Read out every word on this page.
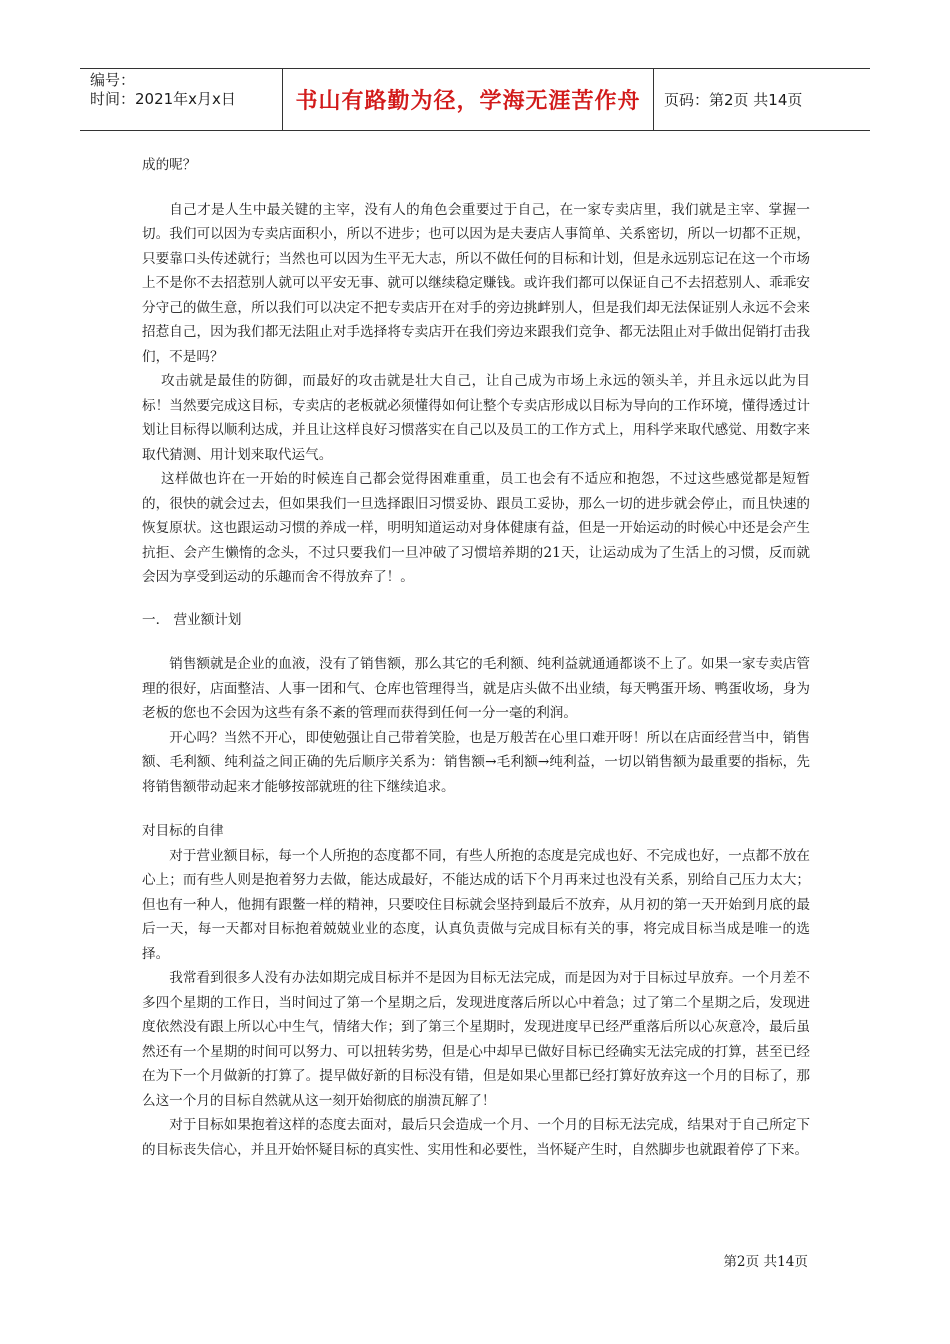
编号：
时间：2021年x月x日	书山有路勤为径，学海无涯苦作舟	页码：第2页 共14页

成的呢？

自己才是人生中最关键的主宰，没有人的角色会重要过于自己，在一家专卖店里，我们就是主宰、掌握一切。我们可以因为专卖店面积小，所以不进步；也可以因为是夫妻店人事简单、关系密切，所以一切都不正规，只要靠口头传述就行；当然也可以因为生平无大志，所以不做任何的目标和计划，但是永远别忘记在这一个市场上不是你不去招惹别人就可以平安无事、就可以继续稳定赚钱。或许我们都可以保证自己不去招惹别人、乖乖安分守己的做生意，所以我们可以决定不把专卖店开在对手的旁边挑衅别人，但是我们却无法保证别人永远不会来招惹自己，因为我们都无法阻止对手选择将专卖店开在我们旁边来跟我们竞争、都无法阻止对手做出促销打击我们，不是吗？

攻击就是最佳的防御，而最好的攻击就是壮大自己，让自己成为市场上永远的领头羊，并且永远以此为目标！当然要完成这目标，专卖店的老板就必须懂得如何让整个专卖店形成以目标为导向的工作环境，懂得透过计划让目标得以顺利达成，并且让这样良好习惯落实在自己以及员工的工作方式上，用科学来取代感觉、用数字来取代猜测、用计划来取代运气。

这样做也许在一开始的时候连自己都会觉得困难重重，员工也会有不适应和抱怨，不过这些感觉都是短暂的，很快的就会过去，但如果我们一旦选择跟旧习惯妥协、跟员工妥协，那么一切的进步就会停止，而且快速的恢复原状。这也跟运动习惯的养成一样，明明知道运动对身体健康有益，但是一开始运动的时候心中还是会产生抗拒、会产生懒惰的念头，不过只要我们一旦冲破了习惯培养期的21天，让运动成为了生活上的习惯，反而就会因为享受到运动的乐趣而舍不得放弃了！。

一． 营业额计划

销售额就是企业的血液，没有了销售额，那么其它的毛利额、纯利益就通通都谈不上了。如果一家专卖店管理的很好，店面整洁、人事一团和气、仓库也管理得当，就是店头做不出业绩，每天鸭蛋开场、鸭蛋收场，身为老板的您也不会因为这些有条不紊的管理而获得到任何一分一毫的利润。

开心吗？当然不开心，即使勉强让自己带着笑脸，也是万般苦在心里口难开呀！所以在店面经营当中，销售额、毛利额、纯利益之间正确的先后顺序关系为：销售额→毛利额→纯利益，一切以销售额为最重要的指标，先将销售额带动起来才能够按部就班的往下继续追求。

对目标的自律

对于营业额目标，每一个人所抱的态度都不同，有些人所抱的态度是完成也好、不完成也好，一点都不放在心上；而有些人则是抱着努力去做，能达成最好，不能达成的话下个月再来过也没有关系，别给自己压力太大；但也有一种人，他拥有跟鳖一样的精神，只要咬住目标就会坚持到最后不放弃，从月初的第一天开始到月底的最后一天，每一天都对目标抱着兢兢业业的态度，认真负责做与完成目标有关的事，将完成目标当成是唯一的选择。

我常看到很多人没有办法如期完成目标并不是因为目标无法完成，而是因为对于目标过早放弃。一个月差不多四个星期的工作日，当时间过了第一个星期之后，发现进度落后所以心中着急；过了第二个星期之后，发现进度依然没有跟上所以心中生气，情绪大作；到了第三个星期时，发现进度早已经严重落后所以心灰意冷，最后虽然还有一个星期的时间可以努力、可以扭转劣势，但是心中却早已做好目标已经确实无法完成的打算，甚至已经在为下一个月做新的打算了。提早做好新的目标没有错，但是如果心里都已经打算好放弃这一个月的目标了，那么这一个月的目标自然就从这一刻开始彻底的崩溃瓦解了！

对于目标如果抱着这样的态度去面对，最后只会造成一个月、一个月的目标无法完成，结果对于自己所定下的目标丧失信心，并且开始怀疑目标的真实性、实用性和必要性，当怀疑产生时，自然脚步也就跟着停了下来。

第2页 共14页
